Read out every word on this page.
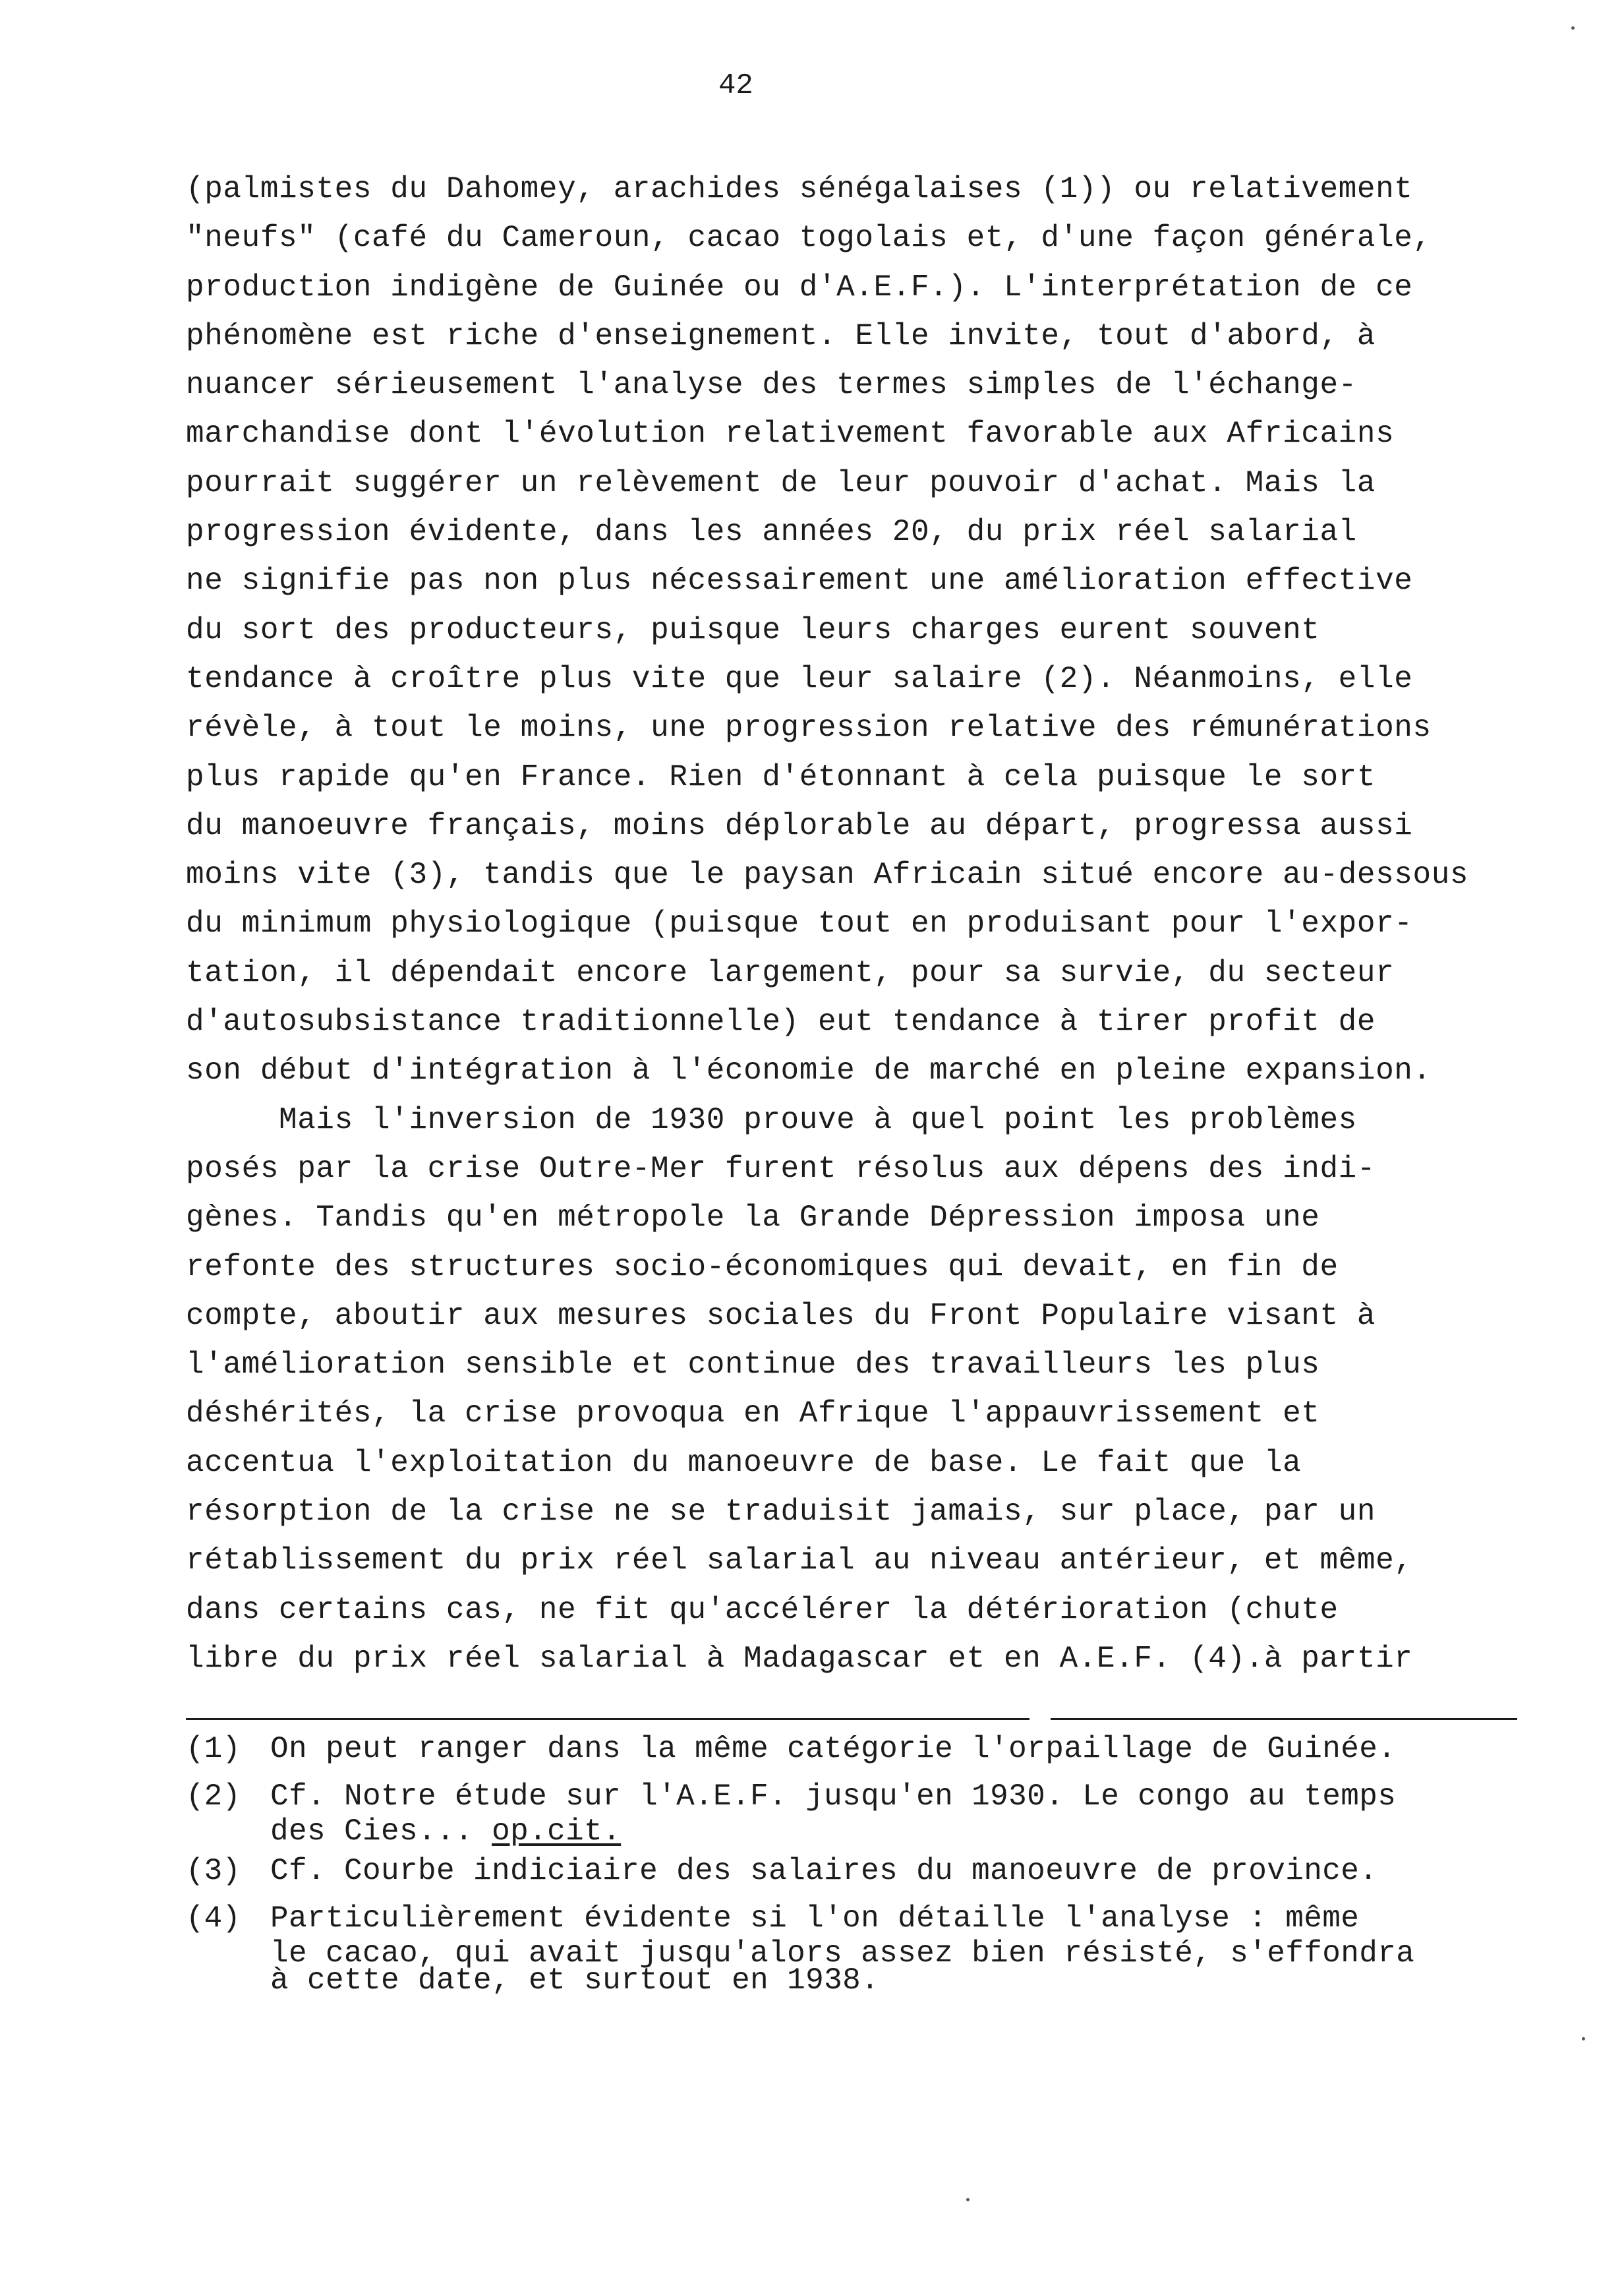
42
(palmistes du Dahomey, arachides sénégalaises (1)) ou relativement
"neufs" (café du Cameroun, cacao togolais et, d'une façon générale,
production indigène de Guinée ou d'A.E.F.). L'interprétation de ce
phénomène est riche d'enseignement. Elle invite, tout d'abord, à
nuancer sérieusement l'analyse des termes simples de l'échange-
marchandise dont l'évolution relativement favorable aux Africains
pourrait suggérer un relèvement de leur pouvoir d'achat. Mais la
progression évidente, dans les années 20, du prix réel salarial
ne signifie pas non plus nécessairement une amélioration effective
du sort des producteurs, puisque leurs charges eurent souvent
tendance à croître plus vite que leur salaire (2). Néanmoins, elle
révèle, à tout le moins, une progression relative des rémunérations
plus rapide qu'en France. Rien d'étonnant à cela puisque le sort
du manoeuvre français, moins déplorable au départ, progressa aussi
moins vite (3), tandis que le paysan Africain situé encore au-dessous
du minimum physiologique (puisque tout en produisant pour l'expor-
tation, il dépendait encore largement, pour sa survie, du secteur
d'autosubsistance traditionnelle) eut tendance à tirer profit de
son début d'intégration à l'économie de marché en pleine expansion.
Mais l'inversion de 1930 prouve à quel point les problèmes
posés par la crise Outre-Mer furent résolus aux dépens des indi-
gènes. Tandis qu'en métropole la Grande Dépression imposa une
refonte des structures socio-économiques qui devait, en fin de
compte, aboutir aux mesures sociales du Front Populaire visant à
l'amélioration sensible et continue des travailleurs les plus
déshérités, la crise provoqua en Afrique l'appauvrissement et
accentua l'exploitation du manoeuvre de base. Le fait que la
résorption de la crise ne se traduisit jamais, sur place, par un
rétablissement du prix réel salarial au niveau antérieur, et même,
dans certains cas, ne fit qu'accélérer la détérioration (chute
libre du prix réel salarial à Madagascar et en A.E.F. (4).à partir
(1) On peut ranger dans la même catégorie l'orpaillage de Guinée.
(2) Cf. Notre étude sur l'A.E.F. jusqu'en 1930. Le congo au temps
des Cies... op.cit.
(3) Cf. Courbe indiciaire des salaires du manoeuvre de province.
(4) Particulièrement évidente si l'on détaille l'analyse : même
le cacao, qui avait jusqu'alors assez bien résisté, s'effondra
à cette date, et surtout en 1938.
